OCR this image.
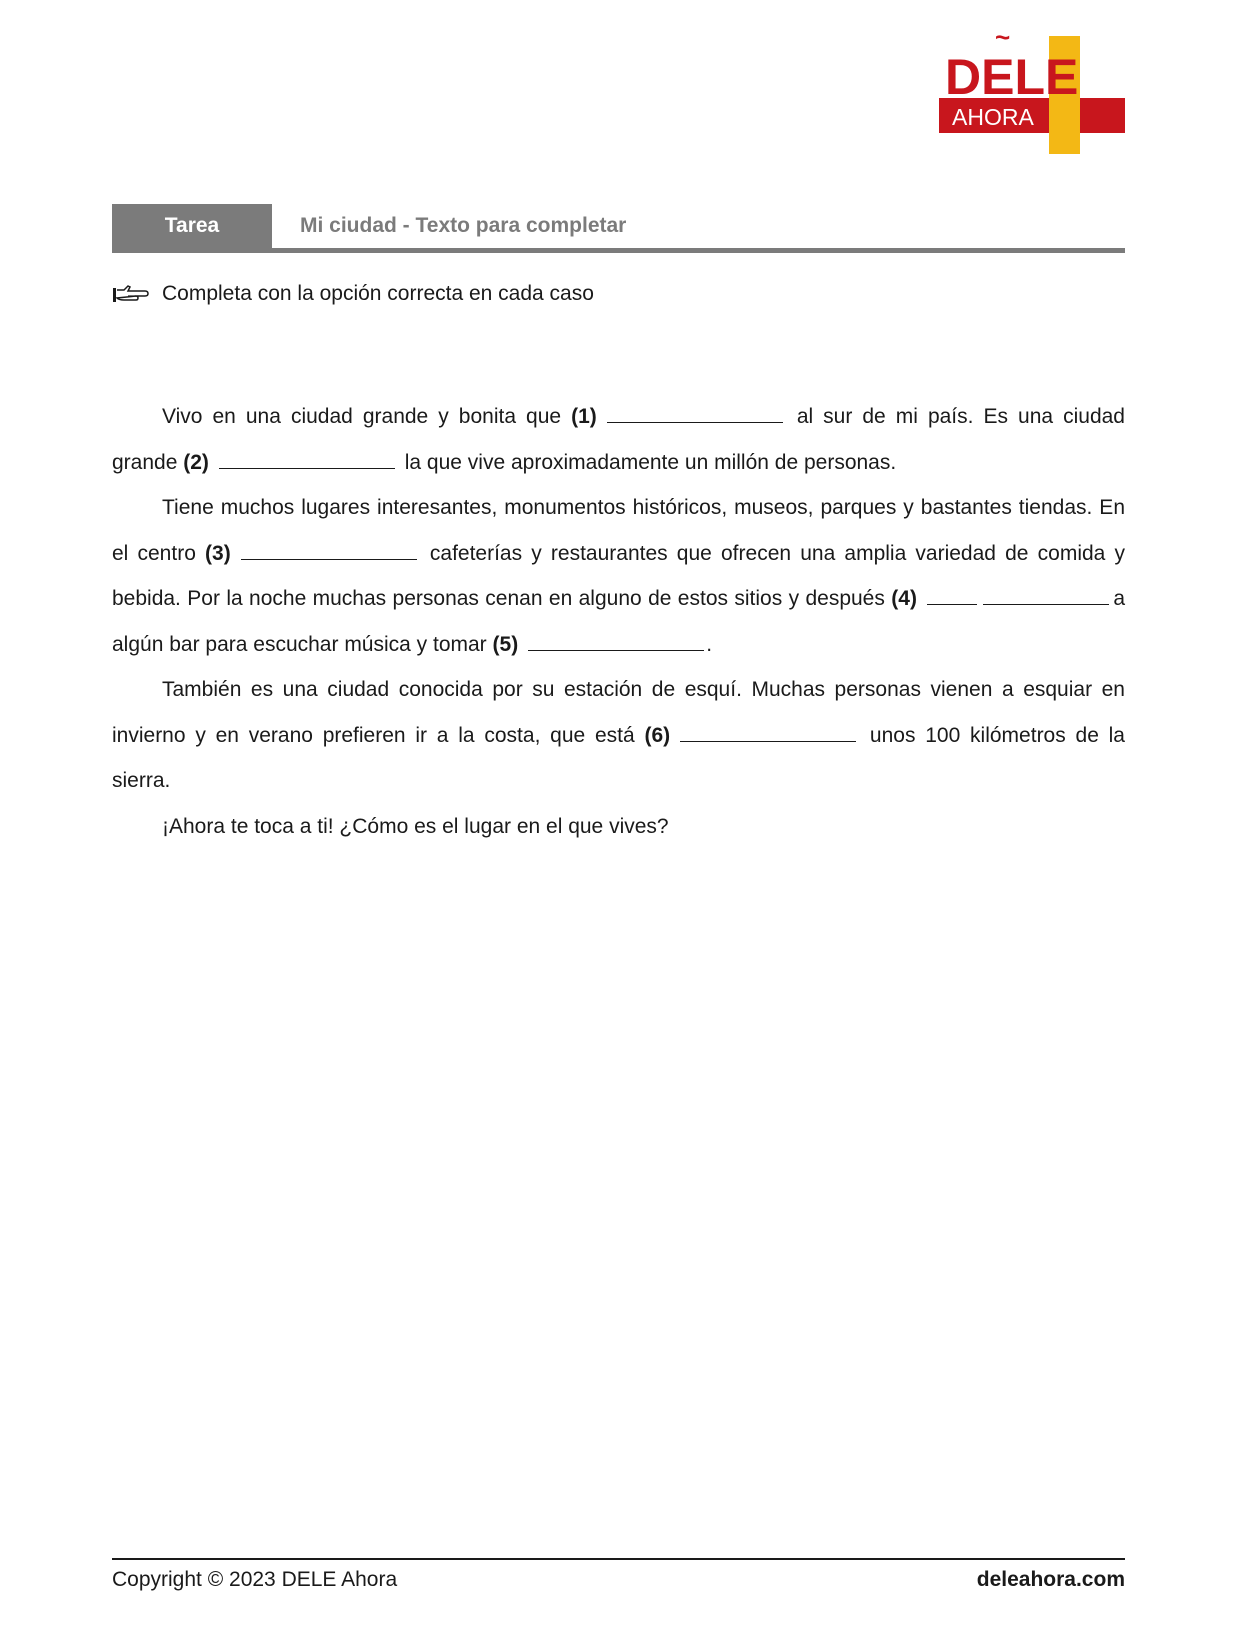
DELE
~
AHORA
Tarea	Mi ciudad - Texto para completar
Completa con la opción correcta en cada caso

Vivo en una ciudad grande y bonita que (1)	al sur de mi país. Es una ciudad grande (2)	la que vive aproximadamente un millón de personas.

Tiene muchos lugares interesantes, monumentos históricos, museos, parques y bastantes tiendas. En el centro (3)	cafeterías y restaurantes que ofrecen una amplia variedad de comida y bebida. Por la noche muchas personas cenan en alguno de estos sitios y después (4)	a algún bar para escuchar música y tomar (5)	.

También es una ciudad conocida por su estación de esquí. Muchas personas vienen a esquiar en invierno y en verano prefieren ir a la costa, que está (6)	unos 100 kilómetros de la sierra.

¡Ahora te toca a ti! ¿Cómo es el lugar en el que vives?

Copyright © 2023 DELE Ahora	deleahora.com
